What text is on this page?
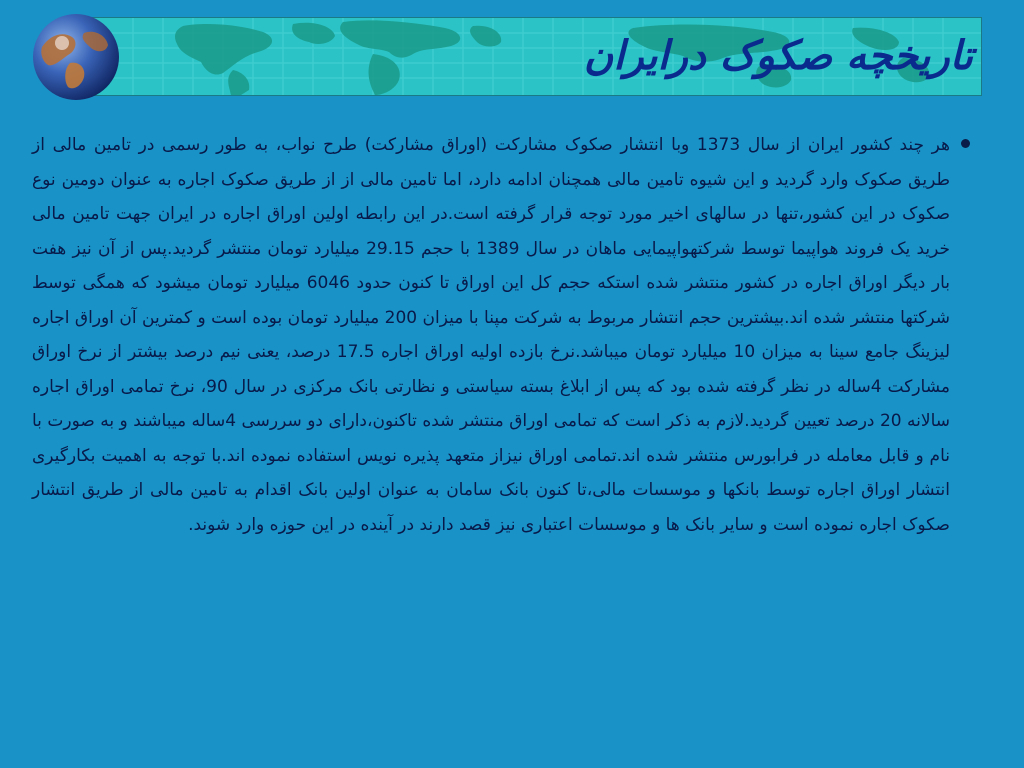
تاریخچه صکوک درایران
هر چند کشور ایران از سال 1373 وبا انتشار صکوک مشارکت (اوراق مشارکت) طرح نواب، به طور رسمی در تامین مالی از طریق صکوک وارد گردید و این شیوه تامین مالی همچنان ادامه دارد، اما تامین مالی از از طریق صکوک اجاره به عنوان دومین نوع صکوک در این کشور،تنها در سالهای اخیر مورد توجه قرار گرفته است.در این رابطه اولین اوراق اجاره در ایران جهت تامین مالی خرید یک فروند هواپیما توسط شرکتهواپیمایی ماهان در سال 1389 با حجم 29.15 میلیارد تومان منتشر گردید.پس از آن نیز هفت بار دیگر اوراق اجاره در کشور منتشر شده استکه حجم کل این اوراق تا کنون حدود 6046 میلیارد تومان میشود که همگی توسط شرکتها منتشر شده اند.بیشترین حجم انتشار مربوط به شرکت مپنا با میزان 200 میلیارد تومان بوده است و کمترین آن اوراق اجاره لیزینگ جامع سینا به میزان 10 میلیارد تومان میباشد.نرخ بازده اولیه اوراق اجاره 17.5 درصد، یعنی نیم درصد بیشتر از نرخ اوراق مشارکت 4ساله در نظر گرفته شده بود که پس از ابلاغ بسته سیاستی و نظارتی بانک مرکزی در سال 90، نرخ تمامی اوراق اجاره سالانه 20 درصد تعیین گردید.لازم به ذکر است که تمامی اوراق منتشر شده تاکنون،دارای دو سررسی 4ساله میباشند و به صورت با نام و قابل معامله در فرابورس منتشر شده اند.تمامی اوراق نیزاز متعهد پذیره نویس استفاده نموده اند.با توجه به اهمیت بکارگیری انتشار اوراق اجاره توسط بانکها و موسسات مالی،تا کنون بانک سامان به عنوان اولین بانک اقدام به تامین مالی از طریق انتشار صکوک اجاره نموده است و سایر بانک ها و موسسات اعتباری نیز قصد دارند در آینده در این حوزه وارد شوند.
